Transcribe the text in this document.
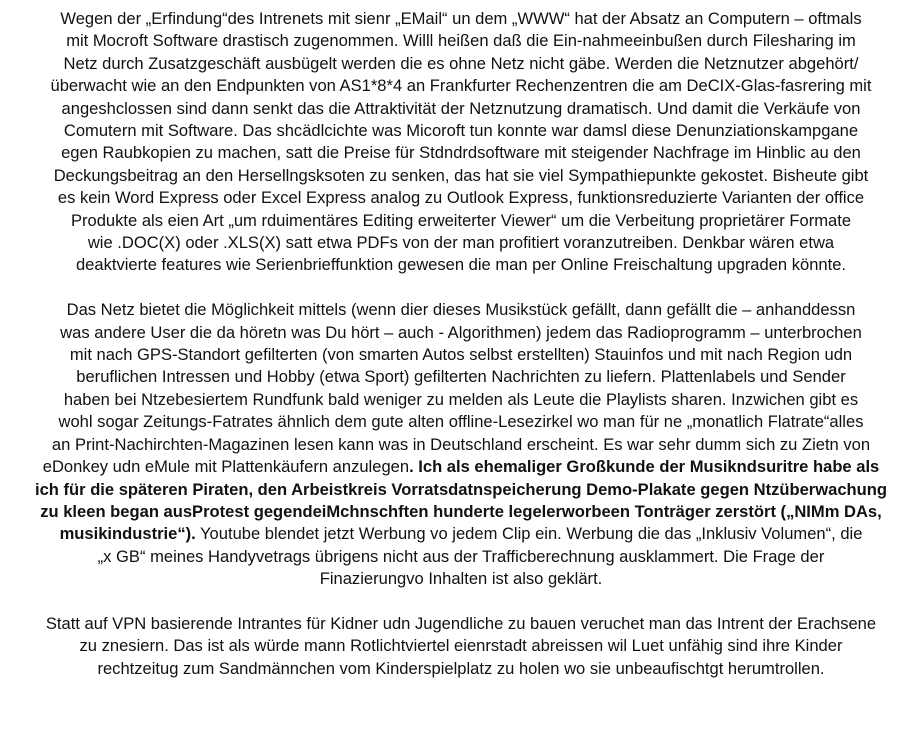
Wegen der „Erfindung“des Intrenets mit sienr „EMail“ un dem „WWW“ hat der Absatz an Computern – oftmals
mit Mocroft Software drastisch zugenommen. Willl heißen daß die Ein-nahmeeinbußen durch Filesharing im
Netz durch Zusatzgeschäft ausbügelt werden die es ohne Netz nicht gäbe. Werden die Netznutzer abgehört/
überwacht wie an den Endpunkten von AS1*8*4 an Frankfurter Rechenzentren die am DeCIX-Glas-fasrering mit
angeshclossen sind dann senkt das die Attraktivität der Netznutzung dramatisch. Und damit die Verkäufe von
Comutern mit Software. Das shcädlcichte was Micoroft tun konnte war damsl diese Denunziationskampgane
egen Raubkopien zu machen, satt die Preise für Stdndrdsoftware mit steigender Nachfrage im Hinblic au den
Deckungsbeitrag an den Hersellngsksoten zu senken, das hat sie viel Sympathiepunkte gekostet. Bisheute gibt
es kein Word Express oder Excel Express analog zu Outlook Express, funktionsreduzierte Varianten der office
Produkte als eien Art „um rduimentäres Editing erweiterter Viewer“ um die Verbeitung proprietärer Formate
wie .DOC(X) oder .XLS(X) satt etwa PDFs von der man profitiert voranzutreiben. Denkbar wären etwa
deaktvierte features wie Serienbrieffunktion gewesen die man per Online Freischaltung upgraden könnte.

Das Netz bietet die Möglichkeit mittels (wenn dier dieses Musikstück gefällt, dann gefällt die – anhanddessn
was andere User die da höretn was Du hört – auch - Algorithmen) jedem das Radioprogramm – unterbrochen
mit nach GPS-Standort gefilterten (von smarten Autos selbst erstellten) Stauinfos und mit nach Region udn
beruflichen Intressen und Hobby (etwa Sport) gefilterten Nachrichten zu liefern. Plattenlabels und Sender
haben bei Ntzebesiertem Rundfunk bald weniger zu melden als Leute die Playlists sharen. Inzwichen gibt es
wohl sogar Zeitungs-Fatrates ähnlich dem gute alten offline-Lesezirkel wo man für ne „monatlich Flatrate“alles
an Print-Nachirchten-Magazinen lesen kann was in Deutschland erscheint. Es war sehr dumm sich zu Zietn von
eDonkey udn eMule mit Plattenkäufern anzulegen. Ich als ehemaliger Großkunde der Musikndsuritre habe als
ich für die späteren Piraten, den Arbeistkreis Vorratsdatnspeicherung Demo-Plakate gegen Ntzüberwachung
zu kleen began ausProtest gegendeiMchnschften hunderte legelerworbeen Tonträger zerstört („NIMm DAs,
musikindustrie“). Youtube blendet jetzt Werbung vo jedem Clip ein. Werbung die das „Inklusiv Volumen“, die
„x GB“ meines Handyvetrags übrigens nicht aus der Trafficberechnung ausklammert. Die Frage der
Finazierungvo Inhalten ist also geklärt.

Statt auf VPN basierende Intrantes für Kidner udn Jugendliche zu bauen veruchet man das Intrent der Erachsene
zu znesiern. Das ist als würde mann Rotlichtviertel eienrstadt abreissen wil Luet unfähig sind ihre Kinder
rechtzeitug zum Sandmännchen vom Kinderspielplatz zu holen wo sie unbeaufischtgt herumtrollen.
